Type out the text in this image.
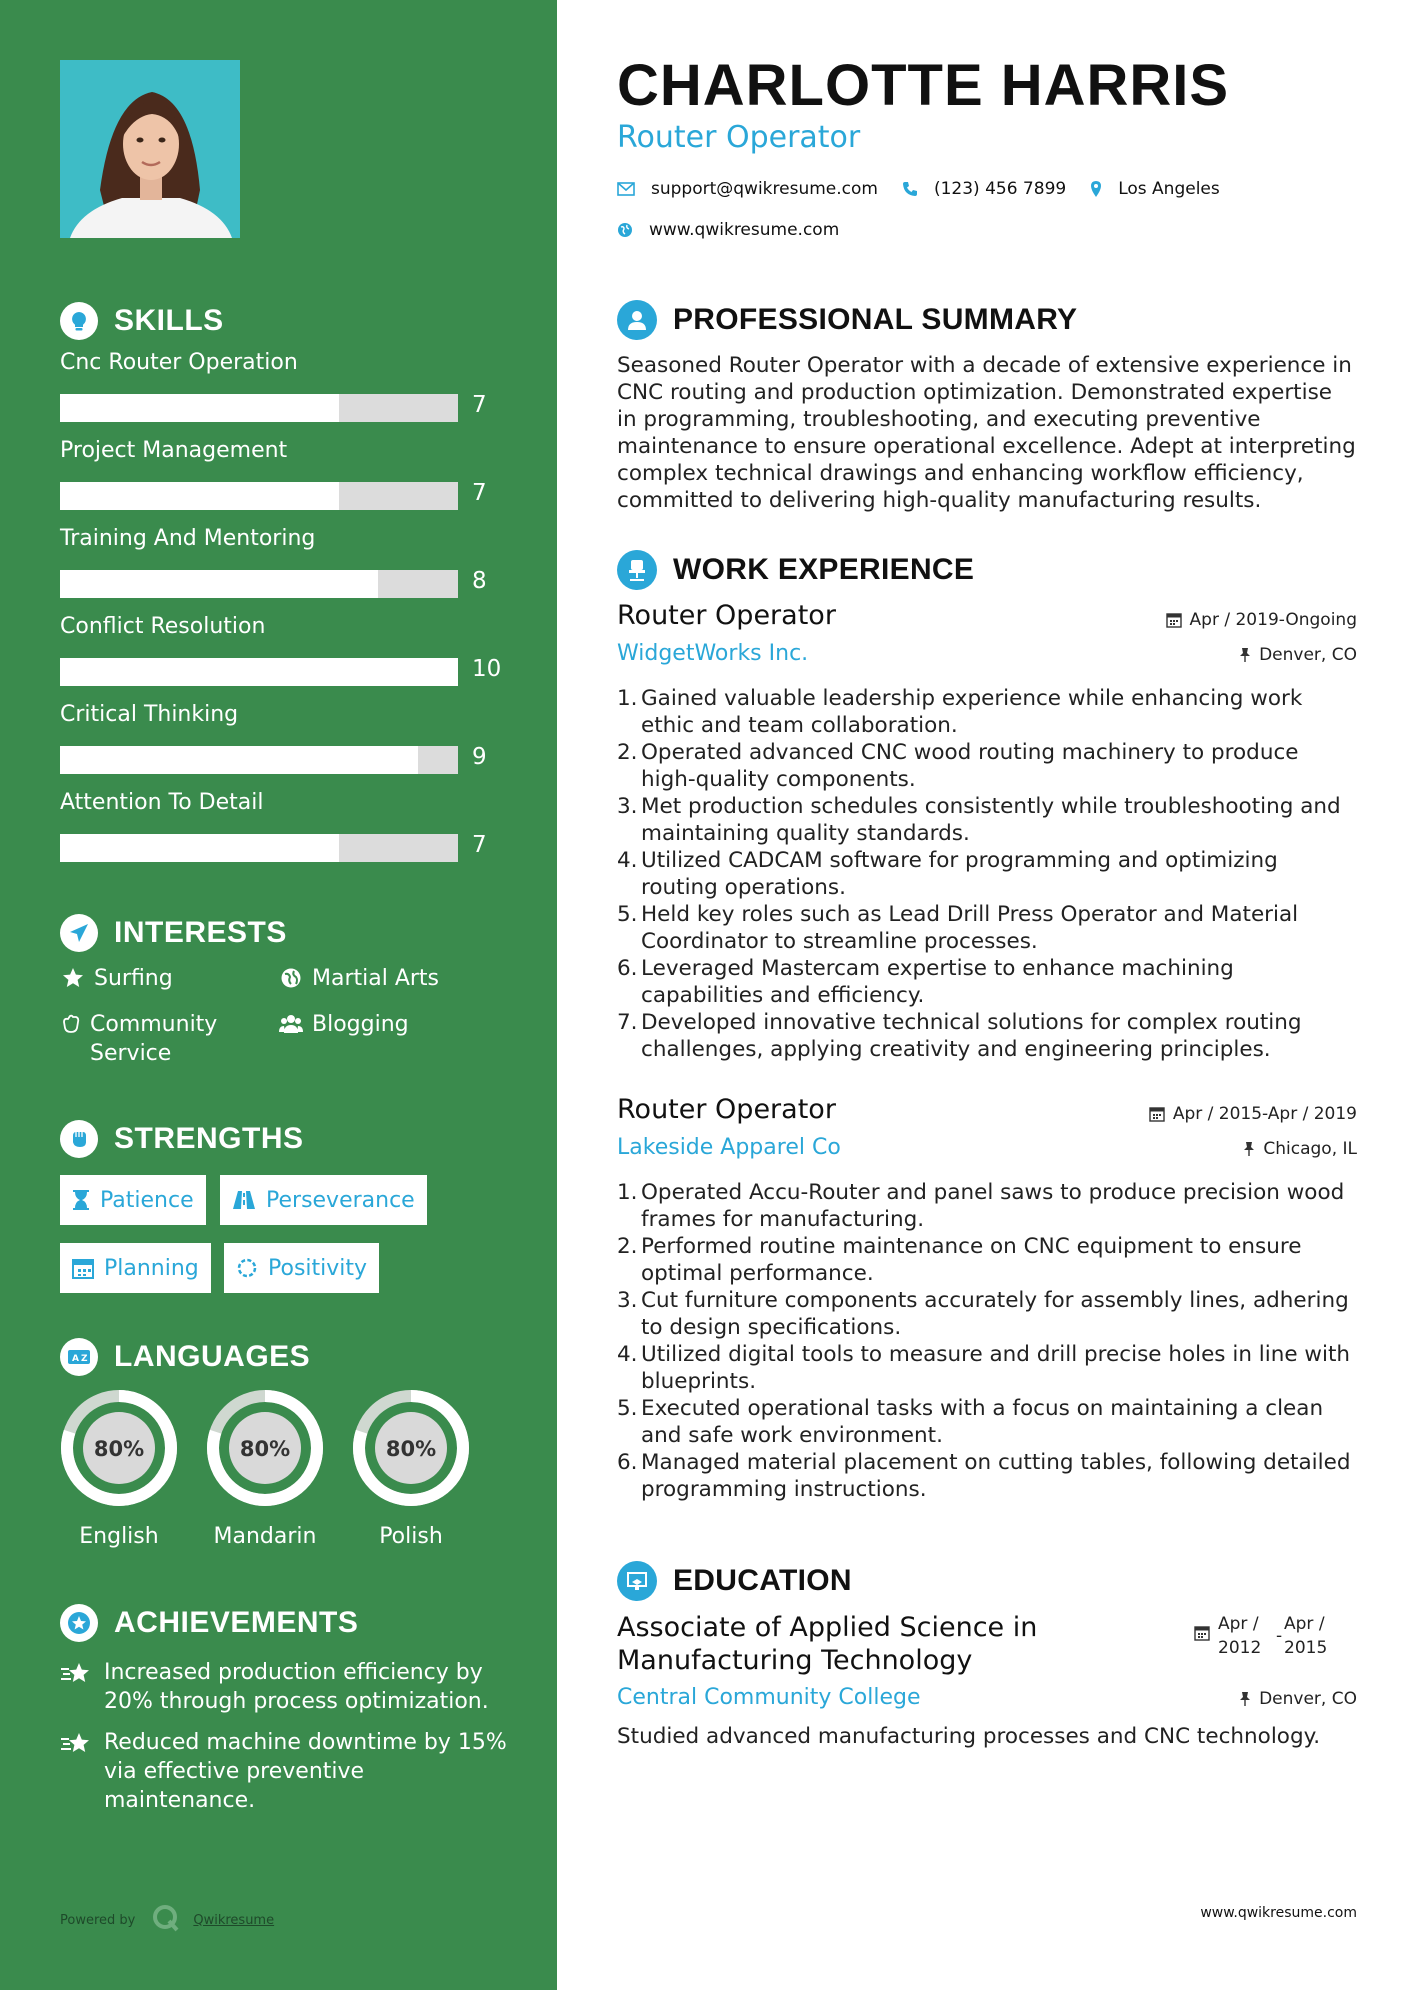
SKILLS
Cnc Router Operation
7
Project Management
7
Training And Mentoring
8
Conflict Resolution
10
Critical Thinking
9
Attention To Detail
7
INTERESTS
Surfing	Martial Arts
Community Service
Blogging
STRENGTHS
Patience	Perseverance
Planning	Positivity
A Z LANGUAGES
80%
English
80%
Mandarin
80%
Polish
ACHIEVEMENTS
Increased production efficiency by 20% through process optimization.
Reduced machine downtime by 15% via effective preventive maintenance.
Powered by	Qwikresume
CHARLOTTE HARRIS
Router Operator
support@qwikresume.com	(123) 456 7899	Los Angeles
www.qwikresume.com
PROFESSIONAL SUMMARY
Seasoned Router Operator with a decade of extensive experience in CNC routing and production optimization. Demonstrated expertise in programming, troubleshooting, and executing preventive maintenance to ensure operational excellence. Adept at interpreting complex technical drawings and enhancing workflow efficiency, committed to delivering high-quality manufacturing results.
WORK EXPERIENCE
Router Operator	Apr / 2019-Ongoing
WidgetWorks Inc.	Denver, CO
1. Gained valuable leadership experience while enhancing work ethic and team collaboration.
2. Operated advanced CNC wood routing machinery to produce high-quality components.
3. Met production schedules consistently while troubleshooting and maintaining quality standards.
4. Utilized CADCAM software for programming and optimizing routing operations.
5. Held key roles such as Lead Drill Press Operator and Material Coordinator to streamline processes.
6. Leveraged Mastercam expertise to enhance machining capabilities and efficiency.
7. Developed innovative technical solutions for complex routing challenges, applying creativity and engineering principles.
Router Operator	Apr / 2015-Apr / 2019
Lakeside Apparel Co	Chicago, IL
1. Operated Accu-Router and panel saws to produce precision wood frames for manufacturing.
2. Performed routine maintenance on CNC equipment to ensure optimal performance.
3. Cut furniture components accurately for assembly lines, adhering to design specifications.
4. Utilized digital tools to measure and drill precise holes in line with blueprints.
5. Executed operational tasks with a focus on maintaining a clean and safe work environment.
6. Managed material placement on cutting tables, following detailed programming instructions.
EDUCATION
Associate of Applied Science in Manufacturing Technology
Apr /
2012
-
Apr /
2015
Central Community College	Denver, CO
Studied advanced manufacturing processes and CNC technology.
www.qwikresume.com
